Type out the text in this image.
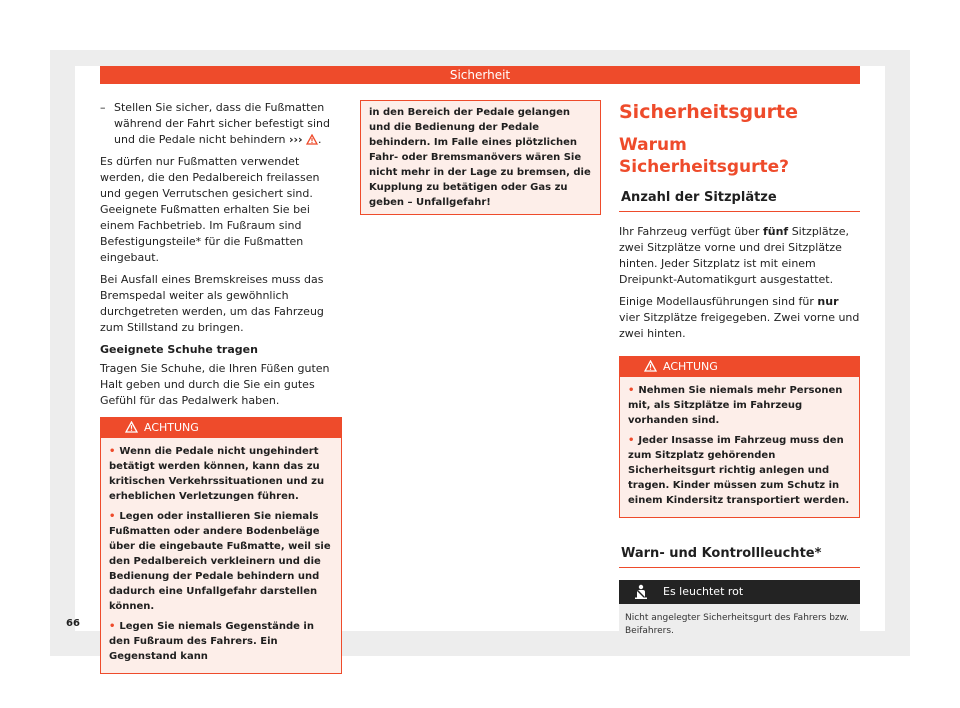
Sicherheit
– Stellen Sie sicher, dass die Fußmatten während der Fahrt sicher befestigt sind und die Pedale nicht behindern ››› .

Es dürfen nur Fußmatten verwendet werden, die den Pedalbereich freilassen und gegen Verrutschen gesichert sind. Geeignete Fußmatten erhalten Sie bei einem Fachbetrieb. Im Fußraum sind Befestigungsteile* für die Fußmatten eingebaut.

Bei Ausfall eines Bremskreises muss das Bremspedal weiter als gewöhnlich durchgetreten werden, um das Fahrzeug zum Stillstand zu bringen.

Geeignete Schuhe tragen

Tragen Sie Schuhe, die Ihren Füßen guten Halt geben und durch die Sie ein gutes Gefühl für das Pedalwerk haben.

ACHTUNG

• Wenn die Pedale nicht ungehindert betätigt werden können, kann das zu kritischen Verkehrssituationen und zu erheblichen Verletzungen führen.

• Legen oder installieren Sie niemals Fußmatten oder andere Bodenbeläge über die eingebaute Fußmatte, weil sie den Pedalbereich verkleinern und die Bedienung der Pedale behindern und dadurch eine Unfallgefahr darstellen können.

• Legen Sie niemals Gegenstände in den Fußraum des Fahrers. Ein Gegenstand kann

in den Bereich der Pedale gelangen und die Bedienung der Pedale behindern. Im Falle eines plötzlichen Fahr- oder Bremsmanövers wären Sie nicht mehr in der Lage zu bremsen, die Kupplung zu betätigen oder Gas zu geben – Unfallgefahr!
Sicherheitsgurte
Warum Sicherheitsgurte?
Anzahl der Sitzplätze

Ihr Fahrzeug verfügt über fünf Sitzplätze, zwei Sitzplätze vorne und drei Sitzplätze hinten. Jeder Sitzplatz ist mit einem Dreipunkt-Automatikgurt ausgestattet.

Einige Modellausführungen sind für nur vier Sitzplätze freigegeben. Zwei vorne und zwei hinten.

ACHTUNG

• Nehmen Sie niemals mehr Personen mit, als Sitzplätze im Fahrzeug vorhanden sind.

• Jeder Insasse im Fahrzeug muss den zum Sitzplatz gehörenden Sicherheitsgurt richtig anlegen und tragen. Kinder müssen zum Schutz in einem Kindersitz transportiert werden.

Warn- und Kontrollleuchte*
Es leuchtet rot
Nicht angelegter Sicherheitsgurt des Fahrers bzw. Beifahrers.
66
